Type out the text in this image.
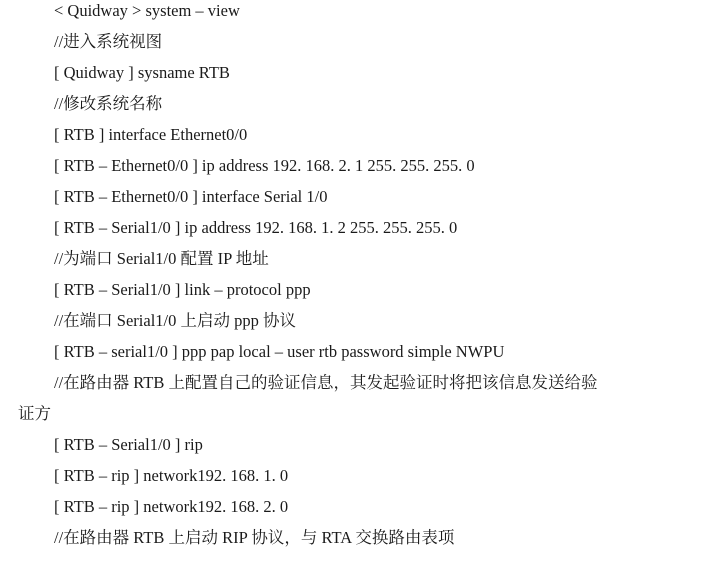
< Quidway > system – view
//进入系统视图
[ Quidway ] sysname RTB
//修改系统名称
[ RTB ] interface Ethernet0/0
[ RTB – Ethernet0/0 ] ip address 192. 168. 2. 1 255. 255. 255. 0
[ RTB – Ethernet0/0 ] interface Serial 1/0
[ RTB – Serial1/0 ] ip address 192. 168. 1. 2 255. 255. 255. 0
//为端口 Serial1/0 配置 IP 地址
[ RTB – Serial1/0 ] link – protocol ppp
//在端口 Serial1/0 上启动 ppp 协议
[ RTB – serial1/0 ] ppp pap local – user rtb password simple NWPU
//在路由器 RTB 上配置自己的验证信息，其发起验证时将把该信息发送给验
证方
[ RTB – Serial1/0 ] rip
[ RTB – rip ] network192. 168. 1. 0
[ RTB – rip ] network192. 168. 2. 0
//在路由器 RTB 上启动 RIP 协议，与 RTA 交换路由表项
